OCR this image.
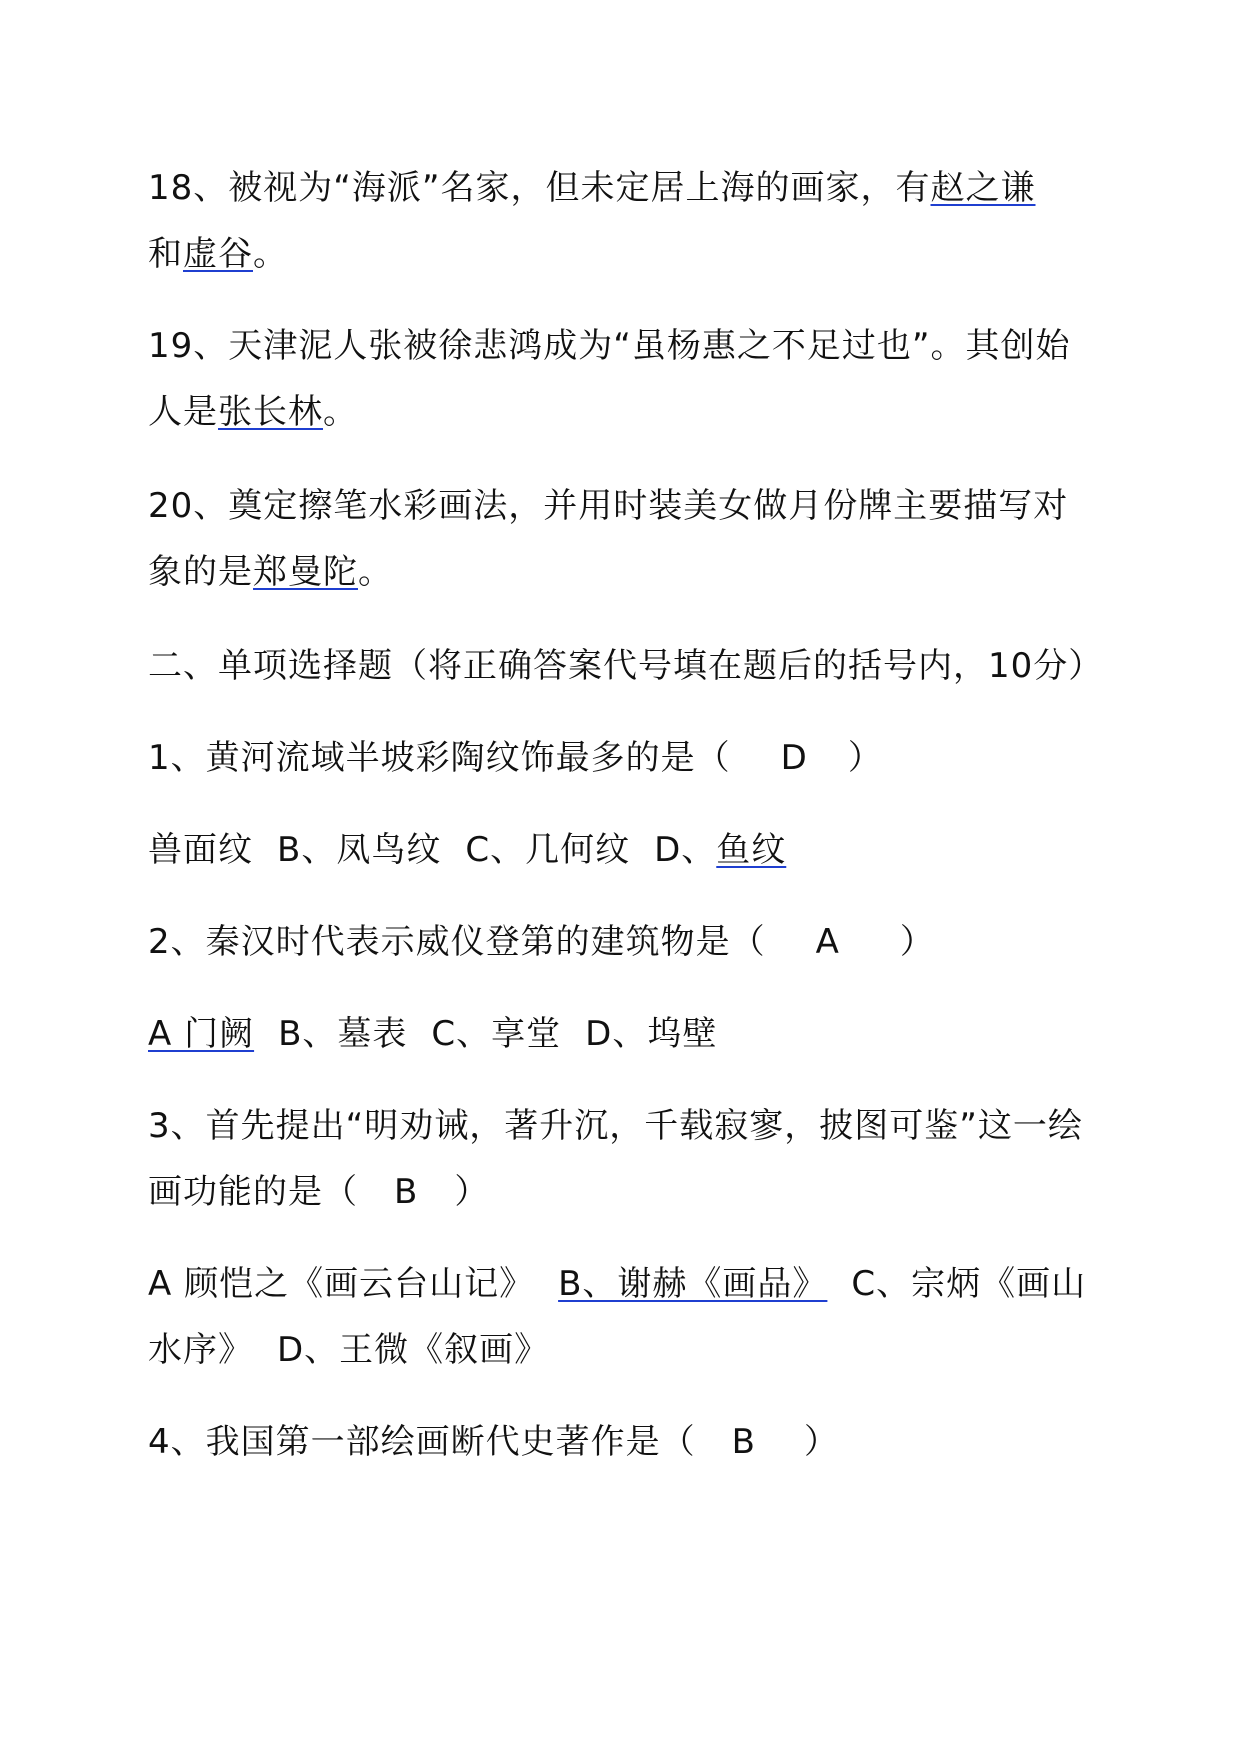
18、被视为“海派”名家，但未定居上海的画家，有赵之谦
和虚谷。

19、天津泥人张被徐悲鸿成为“虽杨惠之不足过也”。其创始人是张长林。

20、奠定擦笔水彩画法，并用时装美女做月份牌主要描写对象的是郑曼陀。

二、单项选择题（将正确答案代号填在题后的括号内，10分）

1、黄河流域半坡彩陶纹饰最多的是（ D ）

兽面纹 B、凤鸟纹 C、几何纹 D、鱼纹

2、秦汉时代表示威仪登第的建筑物是（ A ）

A 门阙 B、墓表 C、享堂 D、坞壁

3、首先提出“明劝诫，著升沉，千载寂寥，披图可鉴”这一绘画功能的是（ B ）

A 顾恺之《画云台山记》 B、谢赫《画品》 C、宗炳《画山水序》 D、王微《叙画》

4、我国第一部绘画断代史著作是（ B ）
